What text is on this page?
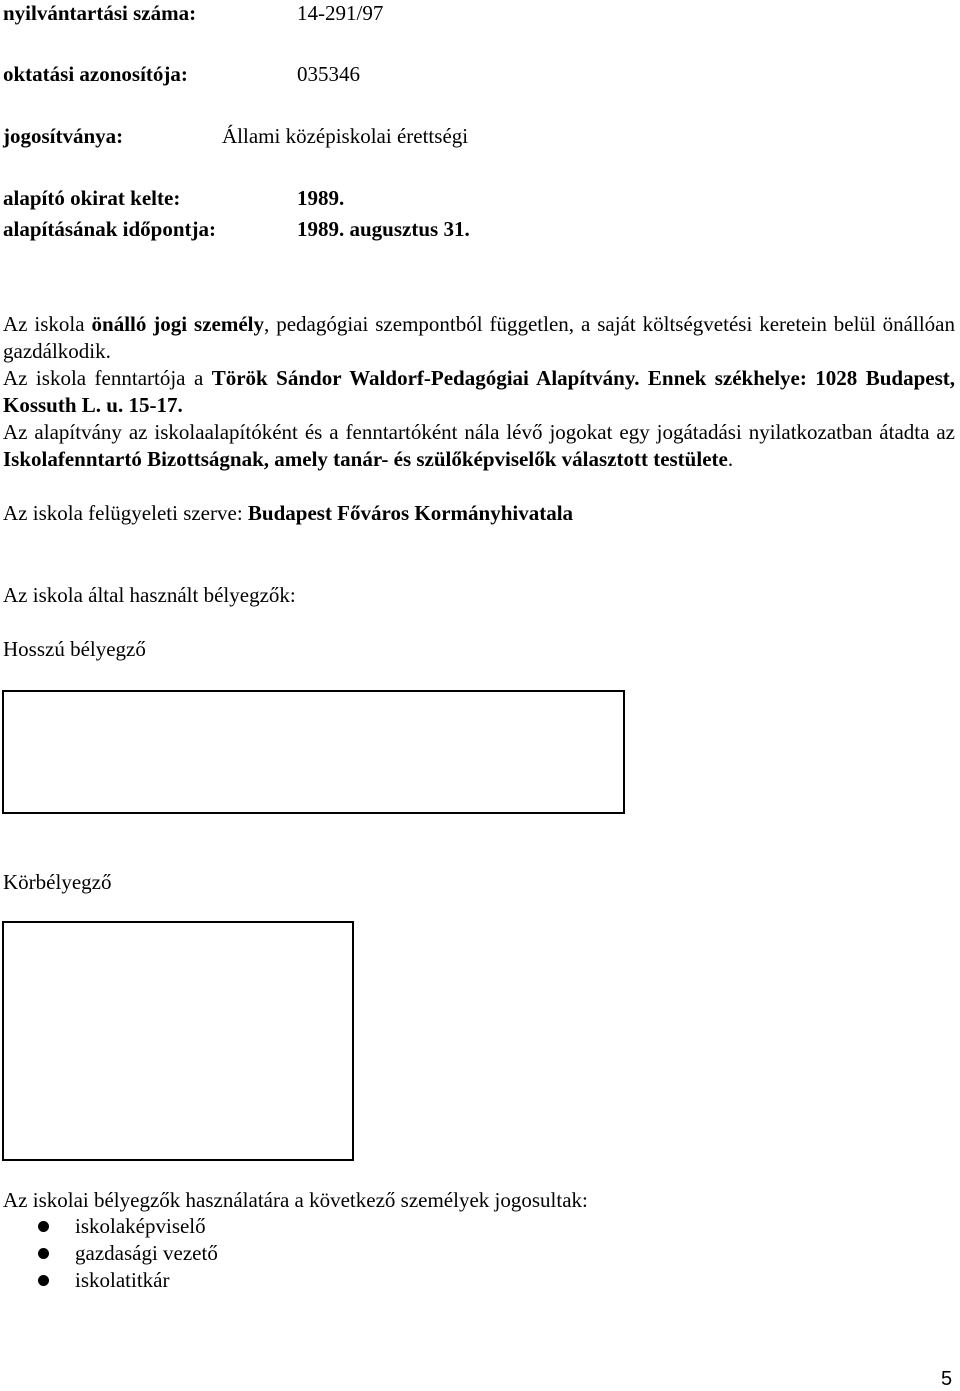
nyilvántartási száma:	14-291/97
oktatási azonosítója:	035346
jogosítványa:	Állami középiskolai érettségi
alapító okirat kelte:	1989.
alapításának időpontja:	1989. augusztus 31.
Az iskola önálló jogi személy, pedagógiai szempontból független, a saját költségvetési keretein belül önállóan gazdálkodik.
Az iskola fenntartója a Török Sándor Waldorf-Pedagógiai Alapítvány. Ennek székhelye: 1028 Budapest, Kossuth L. u. 15-17.
Az alapítvány az iskolaalapítóként és a fenntartóként nála lévő jogokat egy jogátadási nyilatkozatban átadta az Iskolafenntartó Bizottságnak, amely tanár- és szülőképviselők választott testülete.
Az iskola felügyeleti szerve: Budapest Főváros Kormányhivatala
Az iskola által használt bélyegzők:
Hosszú bélyegző
Körbélyegző
Az iskolai bélyegzők használatára a következő személyek jogosultak:
iskolaképviselő
gazdasági vezető
iskolatitkár
5
